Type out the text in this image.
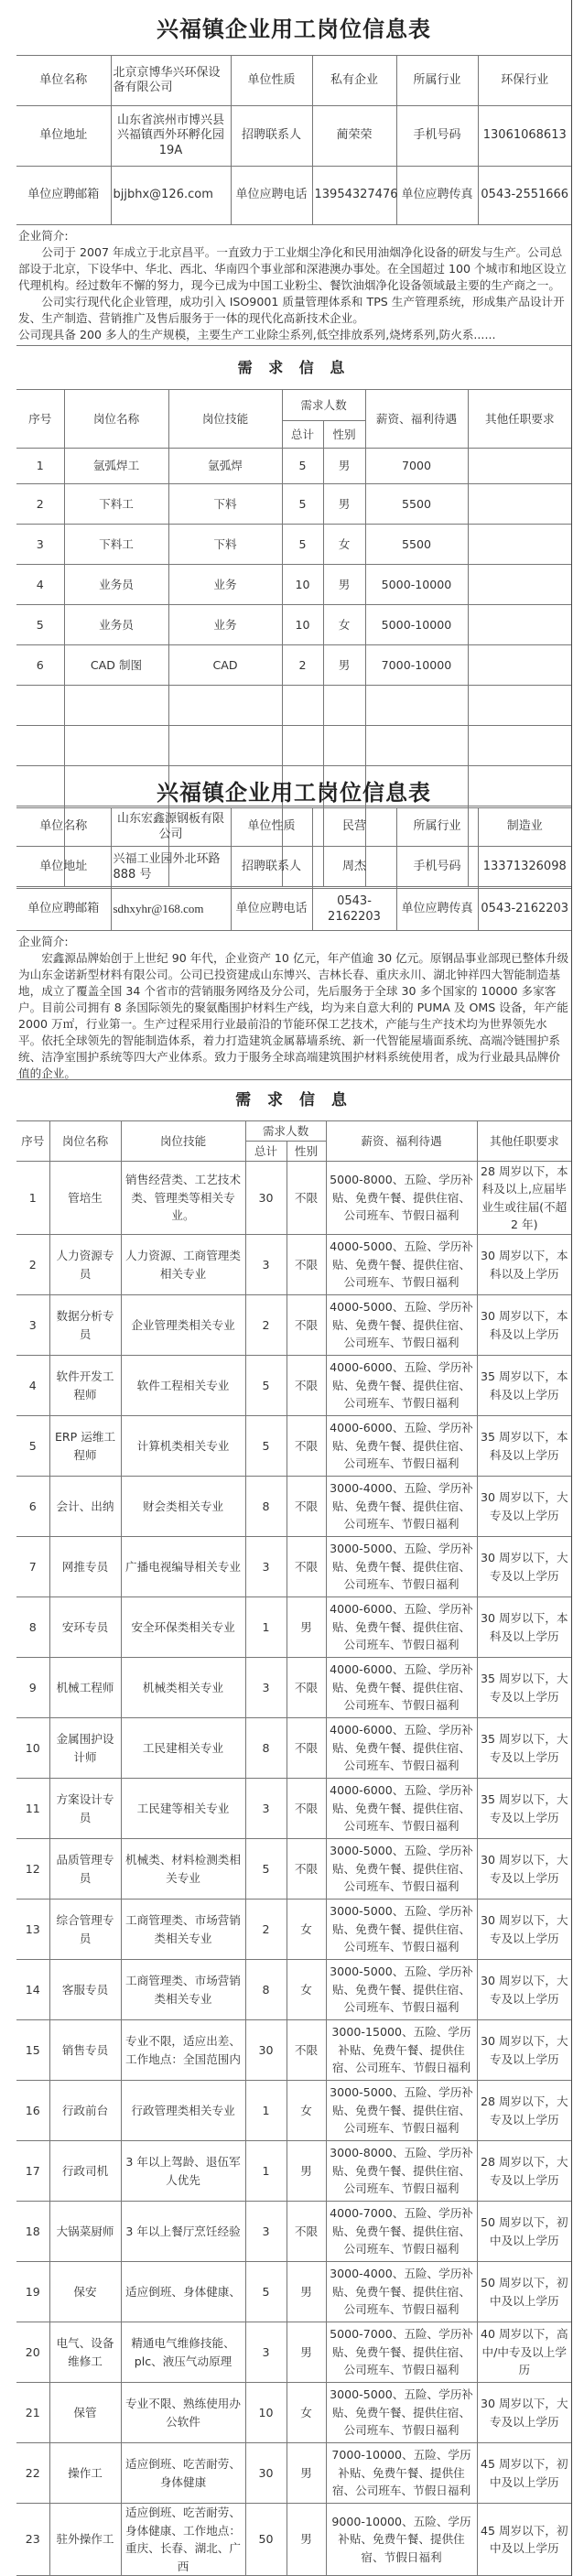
兴福镇企业用工岗位信息表
单位名称	北京京博华兴环保设备有限公司	单位性质	私有企业	所属行业	环保行业
单位地址	山东省滨州市博兴县兴福镇西外环孵化园19A	招聘联系人	蔺荣荣	手机号码	13061068613
单位应聘邮箱	bjjbhx@126.com	单位应聘电话	13954327476	单位应聘传真	0543-2551666

企业简介:

公司于 2007 年成立于北京昌平。一直致力于工业烟尘净化和民用油烟净化设备的研发与生产。公司总部设于北京，下设华中、华北、西北、华南四个事业部和深港澳办事处。在全国超过 100 个城市和地区设立代理机构。经过数年不懈的努力，现今已成为中国工业粉尘、餐饮油烟净化设备领域最主要的生产商之一。

公司实行现代化企业管理，成功引入 ISO9001 质量管理体系和 TPS 生产管理系统，形成集产品设计开发、生产制造、营销推广及售后服务于一体的现代化高新技术企业。

公司现具备 200 多人的生产规模，主要生产工业除尘系列,低空排放系列,烧烤系列,防火系......

需 求 信 息
序号	岗位名称	岗位技能	需求人数		薪资、福利待遇	其他任职要求
			总计	性别		
1	氩弧焊工	氩弧焊	5	男	7000	
2	下料工	下料	5	男	5500	
3	下料工	下料	5	女	5500	
4	业务员	业务	10	男	5000-10000	
5	业务员	业务	10	女	5000-10000	
6	CAD 制图	CAD	2	男	7000-10000	

兴福镇企业用工岗位信息表
单位名称	山东宏鑫源钢板有限公司	单位性质	民营	所属行业	制造业
单位地址	兴福工业园外北环路888 号	招聘联系人	周杰	手机号码	13371326098
单位应聘邮箱	sdhxyhr@168.com	单位应聘电话	0543-2162203	单位应聘传真	0543-2162203

企业简介:

宏鑫源品牌始创于上世纪 90 年代，企业资产 10 亿元，年产值逾 30 亿元。原钢品事业部现已整体升级为山东金诺新型材料有限公司。公司已投资建成山东博兴、吉林长春、重庆永川、湖北钟祥四大智能制造基地，成立了覆盖全国 34 个省市的营销服务网络及分公司，先后服务于全球 30 多个国家的 10000 多家客户。目前公司拥有 8 条国际领先的聚氨酯围护材料生产线，均为来自意大利的 PUMA 及 OMS 设备，年产能 2000 万㎡，行业第一。生产过程采用行业最前沿的节能环保工艺技术，产能与生产技术均为世界领先水平。依托全球领先的智能制造体系，着力打造建筑金属幕墙系统、新一代智能屋墙面系统、高端冷链围护系统、洁净室围护系统等四大产业体系。致力于服务全球高端建筑围护材料系统使用者，成为行业最具品牌价值的企业。

需 求 信 息
序号	岗位名称	岗位技能	需求人数		薪资、福利待遇	其他任职要求
			总计	性别		
1	管培生	销售经营类、工艺技术类、管理类等相关专业。	30	不限	5000-8000、五险、学历补贴、免费午餐、提供住宿、公司班车、节假日福利	28 周岁以下，本科及以上,应届毕业生或往届(不超2 年)
2	人力资源专员	人力资源、工商管理类相关专业	3	不限	4000-5000、五险、学历补贴、免费午餐、提供住宿、公司班车、节假日福利	30 周岁以下，本科以及上学历
3	数据分析专员	企业管理类相关专业	2	不限	4000-5000、五险、学历补贴、免费午餐、提供住宿、公司班车、节假日福利	30 周岁以下，本科及以上学历
4	软件开发工程师	软件工程相关专业	5	不限	4000-6000、五险、学历补贴、免费午餐、提供住宿、公司班车、节假日福利	35 周岁以下，本科及以上学历
5	ERP 运维工程师	计算机类相关专业	5	不限	4000-6000、五险、学历补贴、免费午餐、提供住宿、公司班车、节假日福利	35 周岁以下，本科及以上学历
6	会计、出纳	财会类相关专业	8	不限	3000-4000、五险、学历补贴、免费午餐、提供住宿、公司班车、节假日福利	30 周岁以下，大专及以上学历
7	网推专员	广播电视编导相关专业	3	不限	3000-5000、五险、学历补贴、免费午餐、提供住宿、公司班车、节假日福利	30 周岁以下，大专及以上学历
8	安环专员	安全环保类相关专业	1	男	4000-6000、五险、学历补贴、免费午餐、提供住宿、公司班车、节假日福利	30 周岁以下，本科及以上学历
9	机械工程师	机械类相关专业	3	不限	4000-6000、五险、学历补贴、免费午餐、提供住宿、公司班车、节假日福利	35 周岁以下，大专及以上学历
10	金属围护设计师	工民建相关专业	8	不限	4000-6000、五险、学历补贴、免费午餐、提供住宿、公司班车、节假日福利	35 周岁以下，大专及以上学历
11	方案设计专员	工民建等相关专业	3	不限	4000-6000、五险、学历补贴、免费午餐、提供住宿、公司班车、节假日福利	35 周岁以下，大专及以上学历
12	品质管理专员	机械类、材料检测类相关专业	5	不限	3000-5000、五险、学历补贴、免费午餐、提供住宿、公司班车、节假日福利	30 周岁以下，大专及以上学历
13	综合管理专员	工商管理类、市场营销类相关专业	2	女	3000-5000、五险、学历补贴、免费午餐、提供住宿、公司班车、节假日福利	30 周岁以下，大专及以上学历
14	客服专员	工商管理类、市场营销类相关专业	8	女	3000-5000、五险、学历补贴、免费午餐、提供住宿、公司班车、节假日福利	30 周岁以下，大专及以上学历
15	销售专员	专业不限，适应出差、工作地点：全国范围内	30	不限	3000-15000、五险、学历补贴、免费午餐、提供住宿、公司班车、节假日福利	30 周岁以下，大专及以上学历
16	行政前台	行政管理类相关专业	1	女	3000-5000、五险、学历补贴、免费午餐、提供住宿、公司班车、节假日福利	28 周岁以下，大专及以上学历
17	行政司机	3 年以上驾龄、退伍军人优先	1	男	3000-8000、五险、学历补贴、免费午餐、提供住宿、公司班车、节假日福利	28 周岁以下，大专及以上学历
18	大锅菜厨师	3 年以上餐厅烹饪经验	3	不限	4000-7000、五险、学历补贴、免费午餐、提供住宿、公司班车、节假日福利	50 周岁以下，初中及以上学历
19	保安	适应倒班、身体健康、	5	男	3000-4000、五险、学历补贴、免费午餐、提供住宿、公司班车、节假日福利	50 周岁以下，初中及以上学历
20	电气、设备维修工	精通电气维修技能、plc、液压气动原理	3	男	5000-7000、五险、学历补贴、免费午餐、提供住宿、公司班车、节假日福利	40 周岁以下，高中/中专及以上学历
21	保管	专业不限、熟练使用办公软件	10	女	3000-5000、五险、学历补贴、免费午餐、提供住宿、公司班车、节假日福利	30 周岁以下，大专及以上学历
22	操作工	适应倒班、吃苦耐劳、身体健康	30	男	7000-10000、五险、学历补贴、免费午餐、提供住宿、公司班车、节假日福利	45 周岁以下，初中及以上学历
23	驻外操作工	适应倒班、吃苦耐劳、身体健康、工作地点：重庆、长春、湖北、广西	50	男	9000-10000、五险、学历补贴、免费午餐、提供住宿、节假日福利	45 周岁以下，初中及以上学历
